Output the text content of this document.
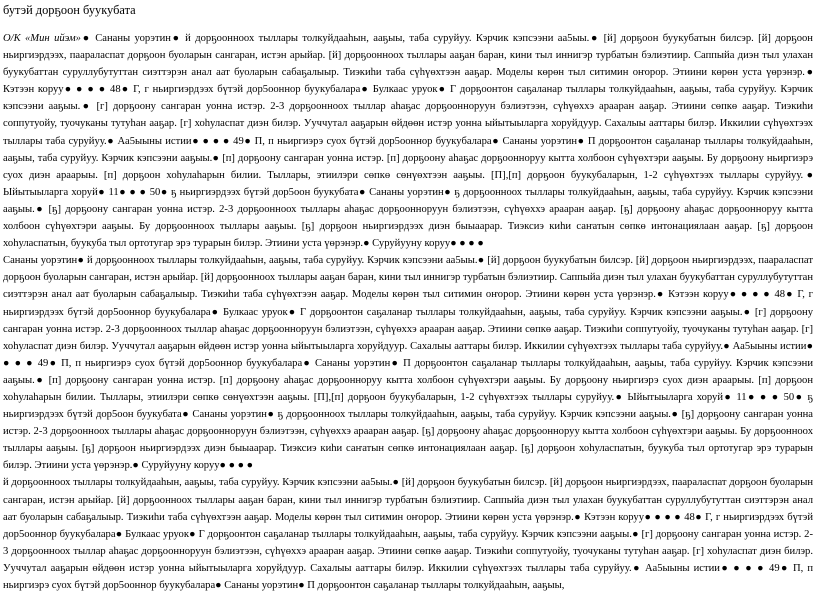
бутэй дорҕоон буукубата

О/К «Мин ийэм»● Сананы уорэтин● й дорҕоонноох тыллары толкуйдааһын, ааҕыы, таба суруйуу. Кэрчик кэпсээни аа5ыы.● [й] дорҕоон буукубатын билсэр. [й] дорҕоон ньиргиэрдээх, паараласпат дорҕоон буоларын сангаран, истэн арыйар. [й] дорҕоонноох тыллары ааҕан баран, кини тыл иннигэр турбатын бэлиэтиир. Саппыйа диэн тыл улахан буукубаттан суруллубутуттан сиэттэрэн анал аат буоларын сабаҕалыыр. Тиэкиһи таба сүһүөхтээн ааҕар. Моделы көрөн тыл ситимин оҥорор. Этиини көрөн уста үөрэнэр.● Кэтээн коруу● ● ● ● 48● Г, г ньиргиэрдээх бүтэй дор5ооннор буукубалара● Булкаас уруок● Г дорҕоонтон саҕаланар тыллары толкуйдааһын, ааҕыы, таба суруйуу. Кэрчик кэпсээни ааҕыы.● [г] дорҕоону сангаран уонна истэр. 2-3 дорҕоонноох тыллар аһаҕас дорҕоонноруун бэлиэтээн, сүһүөххэ араарaн ааҕар. Этиини сөпкө ааҕар. Тиэкиһи соппутуойу, туочуканы тутуһан ааҕар. [г] хоһуласпат диэн билэр. Ууччутал ааҕарын өйдөөн истэр уонна ыйытыыларга хоруйдуур. Сахалыы ааттары билэр. Иккилии сүһүөхтээх тыллары таба суруйуу.● Аа5ыыны истии● ● ● ● 49● П, п ньиргиэрэ суох бүтэй дор5ооннор буукубалара● Сананы уорэтин● П дорҕоонтон саҕаланар тыллары толкуйдааһын, ааҕыы, таба суруйуу. Кэрчик кэпсээни ааҕыы.● [п] дорҕоону сангаран уонна истэр. [п] дорҕоону аһаҕас дорҕоонноруу кытта холбоон сүһүөхтэри ааҕыы. Бу дорҕоону ньиргиэрэ суох диэн араарыы. [п] дорҕоон хоһулаһарын билии. Тыллары, этиилэри сөпкө сөнүөхтээн ааҕыы. [П],[п] дорҕоон буукубаларын, 1-2 сүһүөхтээх тыллары суруйуу.● Ыйытыыларга хоруй● 11● ● ● 50● ҕ ньиргиэрдээх бүтэй дор5оон буукубата● Сананы уорэтин● ҕ дорҕоонноох тыллары толкуйдааһын, ааҕыы, таба суруйуу. Кэрчик кэпсээни ааҕыы.● [ҕ] дорҕоону сангаран уонна истэр. 2-3 дорҕоонноох тыллары аһаҕас дорҕоонноруун бэлиэтээн, сүһүөххэ араaран ааҕар. [ҕ] дорҕоону аһаҕас дорҕоонноруу кытта холбоон сүһүөхтэри ааҕыы. Бу дорҕоонноох тыллары ааҕыы. [ҕ] дорҕоон ньиргиэрдээх диэн быыаарар. Тиэксиэ киһи саҥатын сөпкө интонациялаан ааҕар. [ҕ] дорҕоон хоһуласпатын, буукуба тыл ортотугар эрэ турарын билэр. Этиини уста үөрэнэр.● Суруйууну коруу● ● ● ●

Сананы уорэтин● й дорҕоонноох тыллары толкуйдааһын, ааҕыы, таба суруйуу. Кэрчик кэпсээни аа5ыы.● [й] дорҕоон буукубатын билсэр. [й] дорҕоон ньиргиэрдээх, паараласпат дорҕоон буоларын сангаран, истэн арыйар. [й] дорҕоонноох тыллары ааҕан баран, кини тыл иннигэр турбатын бэлиэтиир. Саппыйа диэн тыл улахан буукубаттан суруллубутуттан сиэттэрэн анал аат буоларын сабаҕалыыр. Тиэкиһи таба сүһүөхтээн ааҕар. Моделы көрөн тыл ситимин оҥорор. Этиини көрөн уста үөрэнэр.● Кэтээн коруу● ● ● ● 48● Г, г ньиргиэрдээх бүтэй дор5ооннор буукубалара● Булкаас уруок● Г дорҕоонтон саҕаланар тыллары толкуйдааһын, ааҕыы, таба суруйуу. Кэрчик кэпсээни ааҕыы.● [г] дорҕоону сангаран уонна истэр. 2-3 дорҕоонноох тыллар аһаҕас дорҕоонноруун бэлиэтээн, сүһүөххэ араарaн ааҕар. Этиини сөпкө ааҕар. Тиэкиһи соппутуойу, туочуканы тутуһан ааҕар. [г] хоһуласпат диэн билэр. Ууччутал ааҕарын өйдөөн истэр уонна ыйытыыларга хоруйдуур. Сахалыы ааттары билэр. Иккилии сүһүөхтээх тыллары таба суруйуу.● Аа5ыыны истии● ● ● ● 49● П, п ньиргиэрэ суох бүтэй дор5ооннор буукубалара● Сананы уорэтин● П дорҕоонтон саҕаланар тыллары толкуйдааһын, ааҕыы, таба суруйуу. Кэрчик кэпсээни ааҕыы.● [п] дорҕоону сангаран уонна истэр. [п] дорҕоону аһаҕас дорҕоонноруу кытта холбоон сүһүөхтэри ааҕыы. Бу дорҕоону ньиргиэрэ суох диэн араарыы. [п] дорҕоон хоһулаһарын билии. Тыллары, этиилэри сөпкө сөнүөхтээн ааҕыы. [П],[п] дорҕоон буукубаларын, 1-2 сүһүөхтээх тыллары суруйуу.● Ыйытыыларга хоруй● 11● ● ● 50● ҕ ньиргиэрдээх бүтэй дор5оон буукубата● Сананы уорэтин● ҕ дорҕоонноох тыллары толкуйдааһын, ааҕыы, таба суруйуу. Кэрчик кэпсээни ааҕыы.● [ҕ] дорҕоону сангаран уонна истэр. 2-3 дорҕоонноох тыллары аһаҕас дорҕоонноруун бэлиэтээн, сүһүөххэ араaран ааҕар. [ҕ] дорҕоону аһаҕас дорҕоонноруу кытта холбоон сүһүөхтэри ааҕыы. Бу дорҕоонноох тыллары ааҕыы. [ҕ] дорҕоон ньиргиэрдээх диэн быыаарар. Тиэксиэ киһи саҥатын сөпкө интонациялаан ааҕар. [ҕ] дорҕоон хоһуласпатын, буукуба тыл ортотугар эрэ турарын билэр. Этиини уста үөрэнэр.● Суруйууну коруу● ● ● ●

й дорҕоонноох тыллары толкуйдааһын, ааҕыы, таба суруйуу. Кэрчик кэпсээни аа5ыы.● [й] дорҕоон буукубатын билсэр. [й] дорҕоон ньиргиэрдээх, паараласпат дорҕоон буоларын сангаран, истэн арыйар. [й] дорҕоонноох тыллары ааҕан баран, кини тыл иннигэр турбатын бэлиэтиир. Саппыйа диэн тыл улахан буукубаттан суруллубутуттан сиэттэрэн анал аат буоларын сабаҕалыыр. Тиэкиһи таба сүһүөхтээн ааҕар. Моделы көрөн тыл ситимин оҥорор. Этиини көрөн уста үөрэнэр.● Кэтээн коруу● ● ● ● 48● Г, г ньиргиэрдээх бүтэй дор5ооннор буукубалара● Булкаас уруок● Г дорҕоонтон саҕаланар тыллары толкуйдааһын, ааҕыы, таба суруйуу. Кэрчик кэпсээни ааҕыы.● [г] дорҕоону сангаран уонна истэр. 2-3 дорҕоонноох тыллар аһаҕас дорҕоонноруун бэлиэтээн, сүһүөххэ араарaн ааҕар. Этиини сөпкө ааҕар. Тиэкиһи соппутуойу, туочуканы тутуһан ааҕар. [г] хоһуласпат диэн билэр. Ууччутал ааҕарын өйдөөн истэр уонна ыйытыыларга хоруйдуур. Сахалыы ааттары билэр. Иккилии сүһүөхтээх тыллары таба суруйуу.● Аа5ыыны истии● ● ● ● 49● П, п ньиргиэрэ суох бүтэй дор5ооннор буукубалара● Сананы уорэтин● П дорҕоонтон саҕаланар тыллары толкуйдааһын, ааҕыы,
